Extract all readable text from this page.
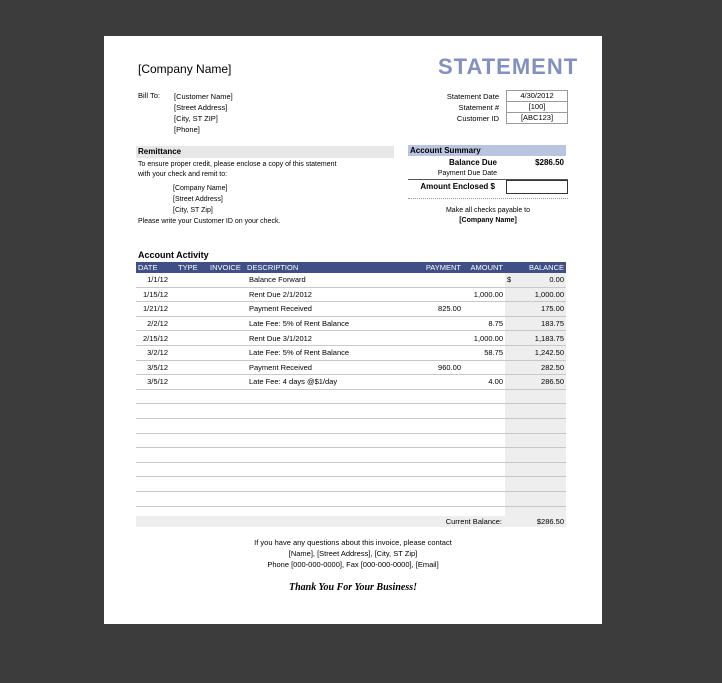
[Company Name]	STATEMENT
Bill To: [Customer Name]
[Street Address]
[City, ST ZIP]
[Phone]
Statement Date	4/30/2012
Statement #	[100]
Customer ID	[ABC123]
Remittance
To ensure proper credit, please enclose a copy of this statement
with your check and remit to:
[Company Name]
[Street Address]
[City, ST Zip]
Please write your Customer ID on your check.
Account Summary
Balance Due	$286.50
Payment Due Date
Amount Enclosed $
Make all checks payable to
[Company Name]
Account Activity
DATE	TYPE	INVOICE	DESCRIPTION	PAYMENT	AMOUNT	BALANCE
1/1/12			Balance Forward			$ 0.00
1/15/12			Rent Due 2/1/2012		1,000.00	1,000.00
1/21/12			Payment Received	825.00		175.00
2/2/12			Late Fee: 5% of Rent Balance		8.75	183.75
2/15/12			Rent Due 3/1/2012		1,000.00	1,183.75
3/2/12			Late Fee: 5% of Rent Balance		58.75	1,242.50
3/5/12			Payment Received	960.00		282.50
3/5/12			Late Fee: 4 days @$1/day		4.00	286.50

Current Balance:	$286.50
If you have any questions about this invoice, please contact
[Name], [Street Address], [City, ST Zip]
Phone [000-000-0000], Fax [000-000-0000], [Email]
Thank You For Your Business!
